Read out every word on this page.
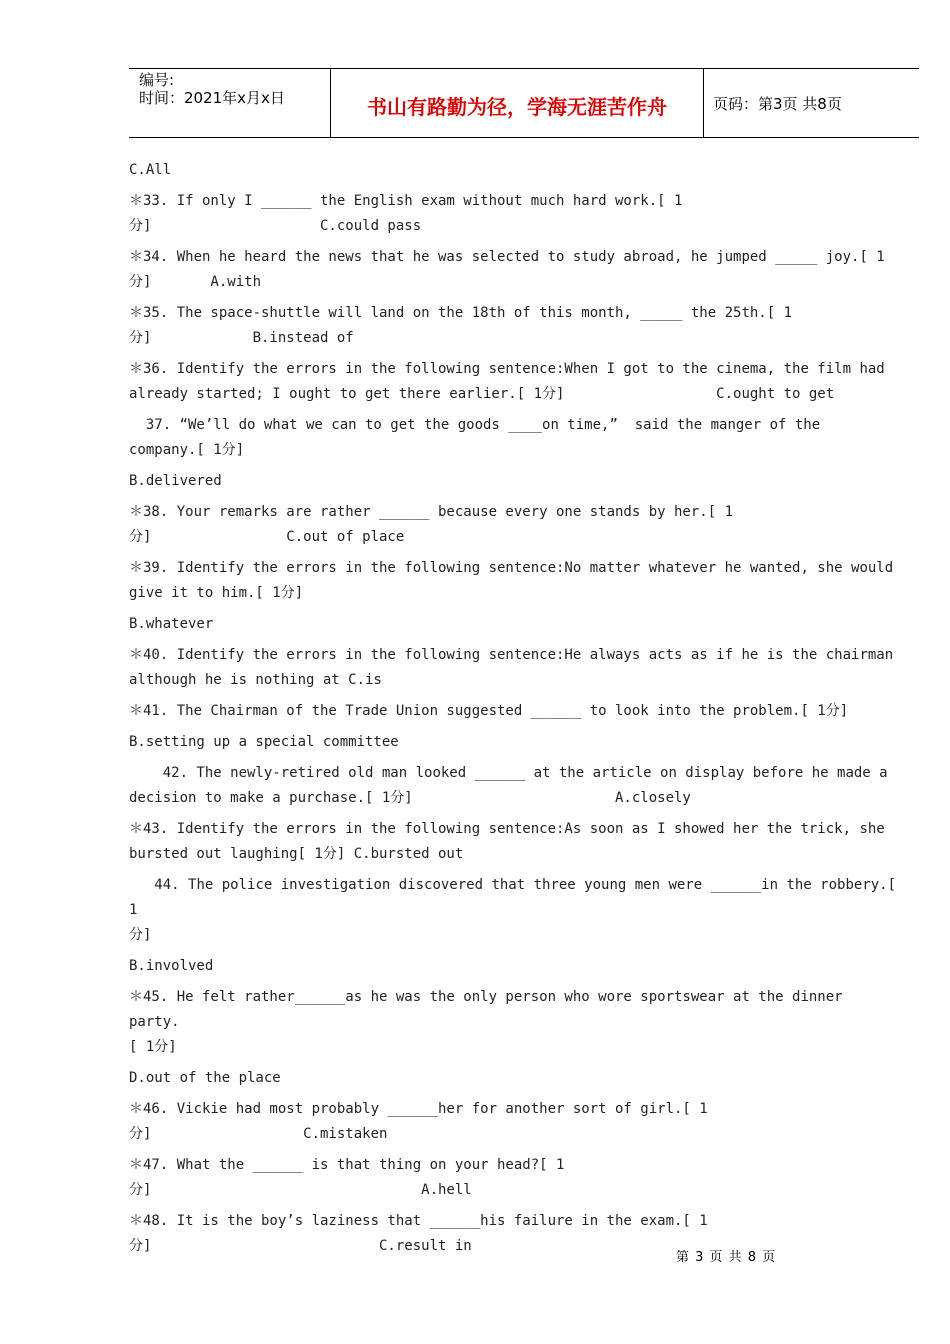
编号:
时间：2021年x月x日	书山有路勤为径，学海无涯苦作舟	页码：第3页 共8页
C.All
＊33. If only I ______ the English exam without much hard work.[ 1
分]                    C.could pass
＊34. When he heard the news that he was selected to study abroad, he jumped _____ joy.[ 1
分]       A.with
＊35. The space-shuttle will land on the 18th of this month, _____ the 25th.[ 1
分]            B.instead of
＊36. Identify the errors in the following sentence:When I got to the cinema, the film had
already started; I ought to get there earlier.[ 1分]                  C.ought to get
37. “We’ll do what we can to get the goods ____on time,”  said the manger of the
company.[ 1分]
B.delivered
＊38. Your remarks are rather ______ because every one stands by her.[ 1
分]                C.out of place
＊39. Identify the errors in the following sentence:No matter whatever he wanted, she would
give it to him.[ 1分]
B.whatever
＊40. Identify the errors in the following sentence:He always acts as if he is the chairman
although he is nothing at C.is
＊41. The Chairman of the Trade Union suggested ______ to look into the problem.[ 1分]
B.setting up a special committee
42. The newly-retired old man looked ______ at the article on display before he made a
decision to make a purchase.[ 1分]                        A.closely
＊43. Identify the errors in the following sentence:As soon as I showed her the trick, she
bursted out laughing[ 1分] C.bursted out
44. The police investigation discovered that three young men were ______in the robbery.[ 1
分]
B.involved
＊45. He felt rather______as he was the only person who wore sportswear at the dinner party.
[ 1分]
D.out of the place
＊46. Vickie had most probably ______her for another sort of girl.[ 1
分]                  C.mistaken
＊47. What the ______ is that thing on your head?[ 1
分]                                A.hell
＊48. It is the boy’s laziness that ______his failure in the exam.[ 1
分]                           C.result in
第 3 页 共 8 页
